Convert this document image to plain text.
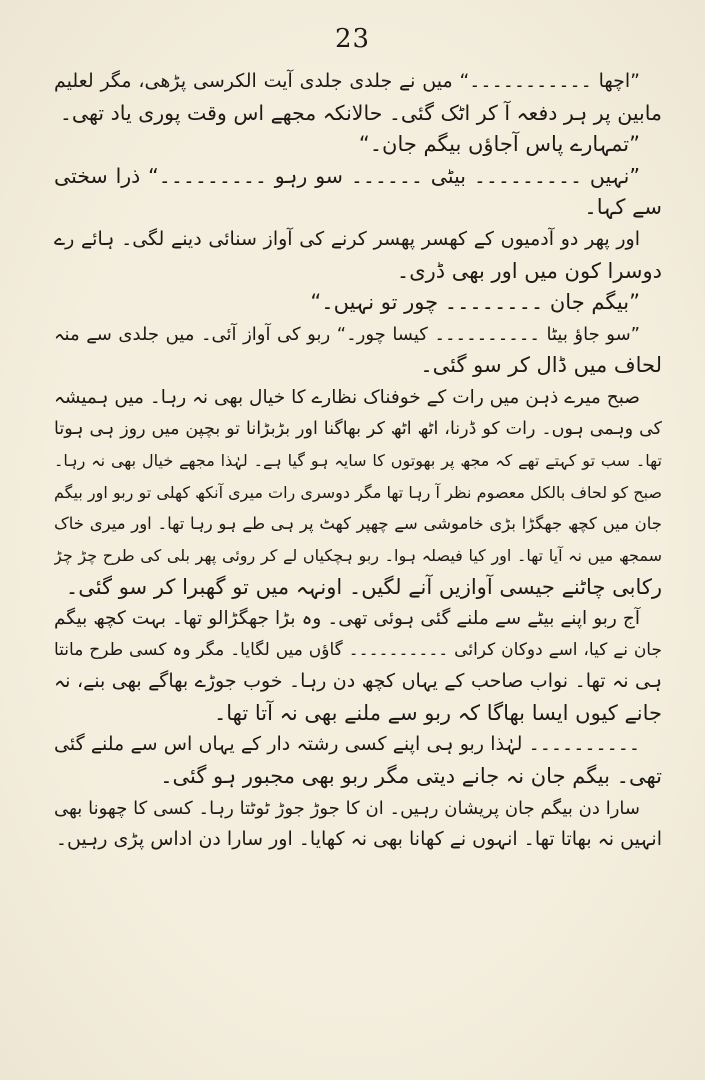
23
”اچھا ۔۔۔۔۔۔۔۔۔۔۔“ میں نے جلدی جلدی آیت الکرسی پڑھی، مگر لعلیم
مابین پر ہر دفعہ آ کر اٹک گئی۔ حالانکہ مجھے اس وقت پوری یاد تھی۔
”تمہارے پاس آجاؤں بیگم جان۔“
”نہیں ۔۔۔۔۔۔۔۔۔ بیٹی ۔۔۔۔۔۔ سو رہو ۔۔۔۔۔۔۔۔۔“ ذرا سختی
سے کہا۔
اور پھر دو آدمیوں کے کھسر پھسر کرنے کی آواز سنائی دینے لگی۔ ہائے رے
دوسرا کون میں اور بھی ڈری۔
”بیگم جان ۔۔۔۔۔۔۔۔ چور تو نہیں۔“
”سو جاؤ بیٹا ۔۔۔۔۔۔۔۔۔۔ کیسا چور۔“ ربو کی آواز آئی۔ میں جلدی سے منہ
لحاف میں ڈال کر سو گئی۔
صبح میرے ذہن میں رات کے خوفناک نظارے کا خیال بھی نہ رہا۔ میں ہمیشہ
کی وہمی ہوں۔ رات کو ڈرنا، اٹھ اٹھ کر بھاگنا اور بڑبڑانا تو بچپن میں روز ہی ہوتا
تھا۔ سب تو کہتے تھے کہ مجھ پر بھوتوں کا سایہ ہو گیا ہے۔ لہٰذا مجھے خیال بھی نہ رہا۔
صبح کو لحاف بالکل معصوم نظر آ رہا تھا مگر دوسری رات میری آنکھ کھلی تو ربو اور بیگم
جان میں کچھ جھگڑا بڑی خاموشی سے چھپر کھٹ پر ہی طے ہو رہا تھا۔ اور میری خاک
سمجھ میں نہ آیا تھا۔ اور کیا فیصلہ ہوا۔ ربو ہچکیاں لے کر روئی پھر بلی کی طرح چڑ چڑ
رکابی چاٹنے جیسی آوازیں آنے لگیں۔ اونہہ میں تو گھبرا کر سو گئی۔
آج ربو اپنے بیٹے سے ملنے گئی ہوئی تھی۔ وہ بڑا جھگڑالو تھا۔ بہت کچھ بیگم
جان نے کیا، اسے دوکان کرائی ۔۔۔۔۔۔۔۔۔۔ گاؤں میں لگایا۔ مگر وہ کسی طرح مانتا
ہی نہ تھا۔ نواب صاحب کے یہاں کچھ دن رہا۔ خوب جوڑے بھاگے بھی بنے، نہ
جانے کیوں ایسا بھاگا کہ ربو سے ملنے بھی نہ آتا تھا۔
۔۔۔۔۔۔۔۔۔۔ لہٰذا ربو ہی اپنے کسی رشتہ دار کے یہاں اس سے ملنے گئی
تھی۔ بیگم جان نہ جانے دیتی مگر ربو بھی مجبور ہو گئی۔
سارا دن بیگم جان پریشان رہیں۔ ان کا جوڑ جوڑ ٹوٹتا رہا۔ کسی کا چھونا بھی
انہیں نہ بھاتا تھا۔ انہوں نے کھانا بھی نہ کھایا۔ اور سارا دن اداس پڑی رہیں۔
